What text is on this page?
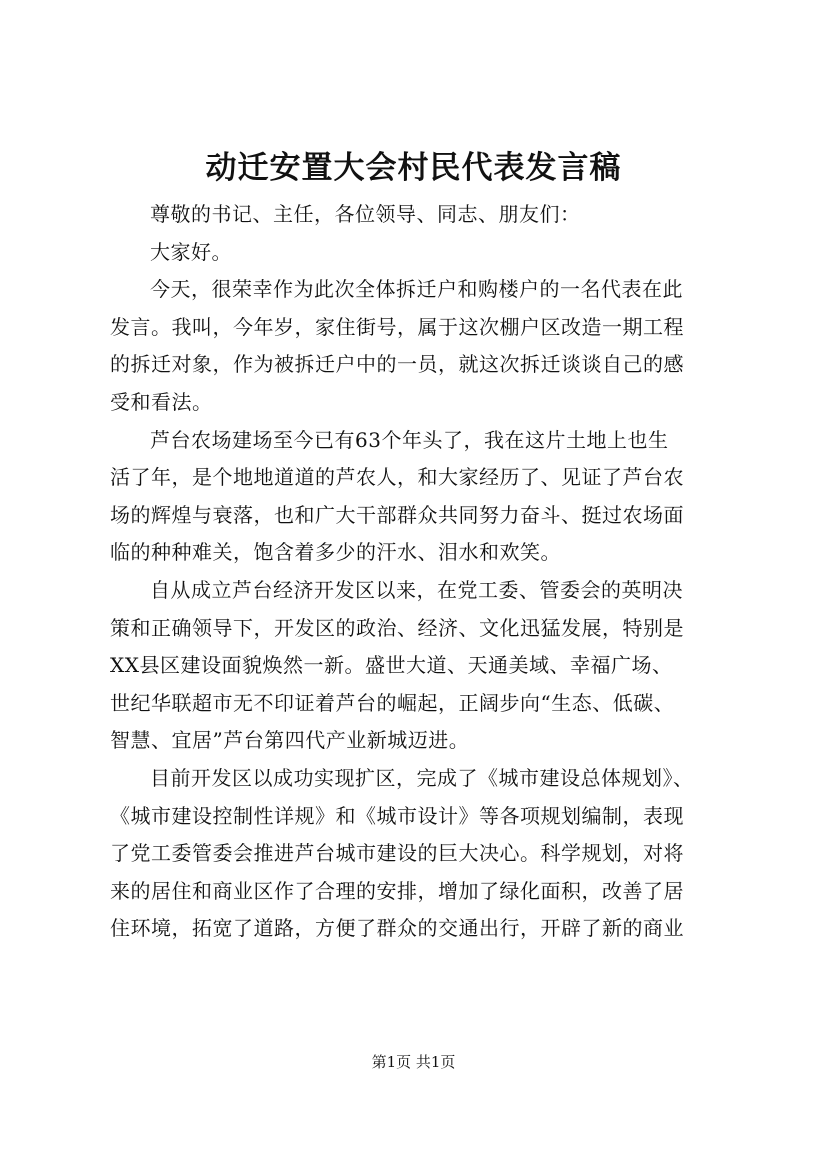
动迁安置大会村民代表发言稿
尊敬的书记、主任，各位领导、同志、朋友们：
大家好。
今天，很荣幸作为此次全体拆迁户和购楼户的一名代表在此
发言。我叫，今年岁，家住街号，属于这次棚户区改造一期工程
的拆迁对象，作为被拆迁户中的一员，就这次拆迁谈谈自己的感
受和看法。
芦台农场建场至今已有63个年头了，我在这片土地上也生
活了年，是个地地道道的芦农人，和大家经历了、见证了芦台农
场的辉煌与衰落，也和广大干部群众共同努力奋斗、挺过农场面
临的种种难关，饱含着多少的汗水、泪水和欢笑。
自从成立芦台经济开发区以来，在党工委、管委会的英明决
策和正确领导下，开发区的政治、经济、文化迅猛发展，特别是
XX县区建设面貌焕然一新。盛世大道、天通美域、幸福广场、
世纪华联超市无不印证着芦台的崛起，正阔步向“生态、低碳、
智慧、宜居”芦台第四代产业新城迈进。
目前开发区以成功实现扩区，完成了《城市建设总体规划》、
《城市建设控制性详规》和《城市设计》等各项规划编制，表现
了党工委管委会推进芦台城市建设的巨大决心。科学规划，对将
来的居住和商业区作了合理的安排，增加了绿化面积，改善了居
住环境，拓宽了道路，方便了群众的交通出行，开辟了新的商业
第1页 共1页
